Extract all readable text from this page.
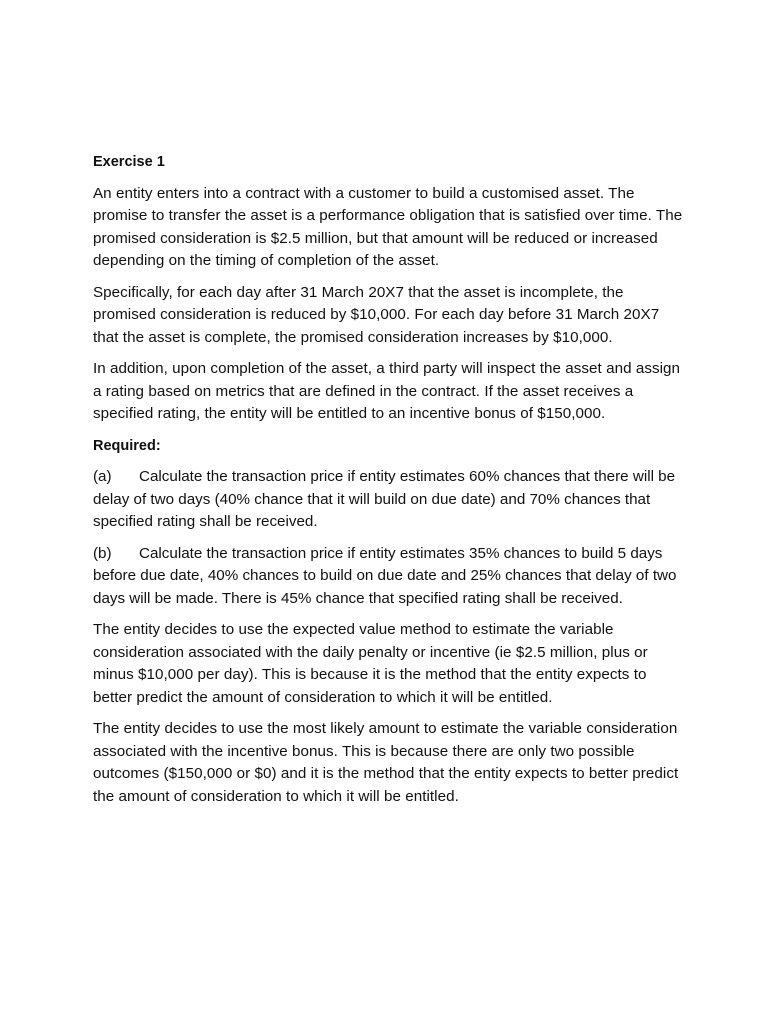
Exercise 1

An entity enters into a contract with a customer to build a customised asset. The promise to transfer the asset is a performance obligation that is satisfied over time. The promised consideration is $2.5 million, but that amount will be reduced or increased depending on the timing of completion of the asset.

Specifically, for each day after 31 March 20X7 that the asset is incomplete, the promised consideration is reduced by $10,000. For each day before 31 March 20X7 that the asset is complete, the promised consideration increases by $10,000.

In addition, upon completion of the asset, a third party will inspect the asset and assign a rating based on metrics that are defined in the contract. If the asset receives a specified rating, the entity will be entitled to an incentive bonus of $150,000.

Required:

(a) Calculate the transaction price if entity estimates 60% chances that there will be delay of two days (40% chance that it will build on due date) and 70% chances that specified rating shall be received.

(b) Calculate the transaction price if entity estimates 35% chances to build 5 days before due date, 40% chances to build on due date and 25% chances that delay of two days will be made. There is 45% chance that specified rating shall be received.

The entity decides to use the expected value method to estimate the variable consideration associated with the daily penalty or incentive (ie $2.5 million, plus or minus $10,000 per day). This is because it is the method that the entity expects to better predict the amount of consideration to which it will be entitled.

The entity decides to use the most likely amount to estimate the variable consideration associated with the incentive bonus. This is because there are only two possible outcomes ($150,000 or $0) and it is the method that the entity expects to better predict the amount of consideration to which it will be entitled.
